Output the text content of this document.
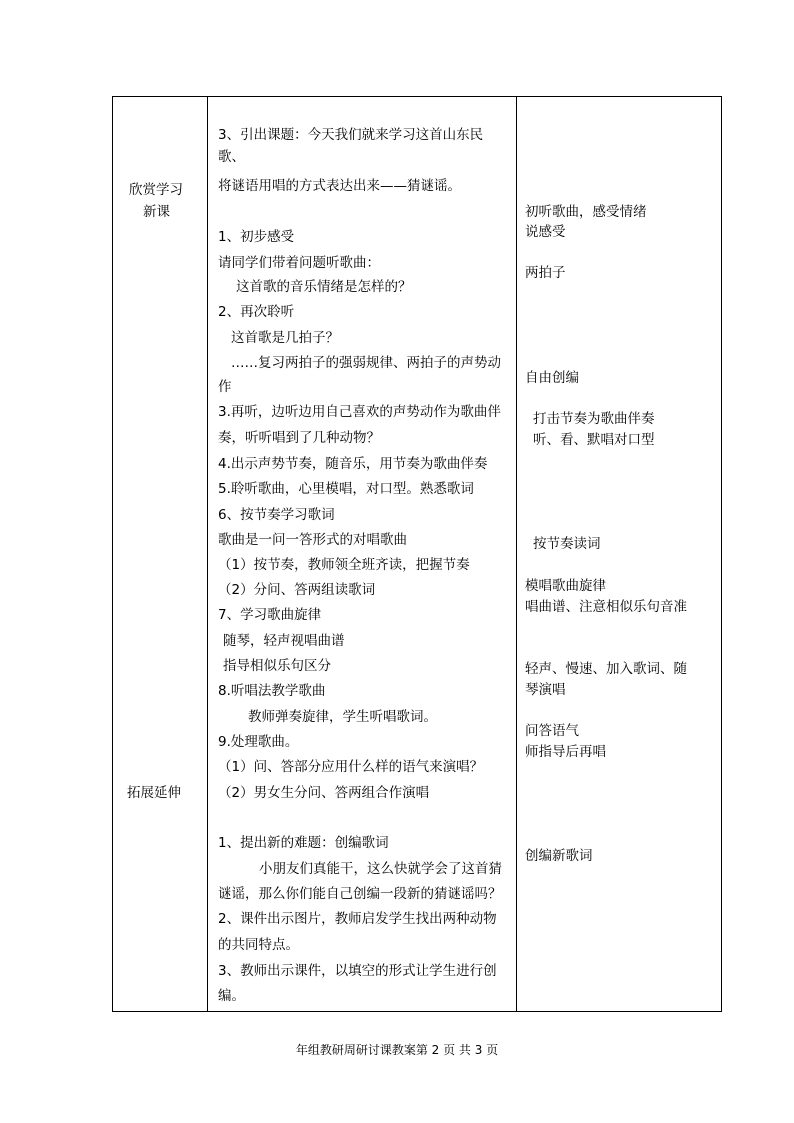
欣赏学习
新课
拓展延伸
3、引出课题：今天我们就来学习这首山东民
歌、
将谜语用唱的方式表达出来——猜谜谣。
1、初步感受
请同学们带着问题听歌曲：
这首歌的音乐情绪是怎样的？
2、再次聆听
这首歌是几拍子？
……复习两拍子的强弱规律、两拍子的声势动
作
3.再听，边听边用自己喜欢的声势动作为歌曲伴
奏，听听唱到了几种动物？
4.出示声势节奏，随音乐，用节奏为歌曲伴奏
5.聆听歌曲，心里模唱，对口型。熟悉歌词
6、按节奏学习歌词
歌曲是一问一答形式的对唱歌曲
（1）按节奏，教师领全班齐读，把握节奏
（2）分问、答两组读歌词
7、学习歌曲旋律
随琴，轻声视唱曲谱
指导相似乐句区分
8.听唱法教学歌曲
教师弹奏旋律，学生听唱歌词。
9.处理歌曲。
（1）问、答部分应用什么样的语气来演唱？
（2）男女生分问、答两组合作演唱
1、提出新的难题：创编歌词
小朋友们真能干，这么快就学会了这首猜
谜谣，那么你们能自己创编一段新的猜谜谣吗？
2、课件出示图片，教师启发学生找出两种动物
的共同特点。
3、教师出示课件，以填空的形式让学生进行创
编。
初听歌曲，感受情绪
说感受
两拍子
自由创编
打击节奏为歌曲伴奏
听、看、默唱对口型
按节奏读词
模唱歌曲旋律
唱曲谱、注意相似乐句音准
轻声、慢速、加入歌词、随
琴演唱
问答语气
师指导后再唱
创编新歌词
年组教研周研讨课教案第 2 页 共 3 页
